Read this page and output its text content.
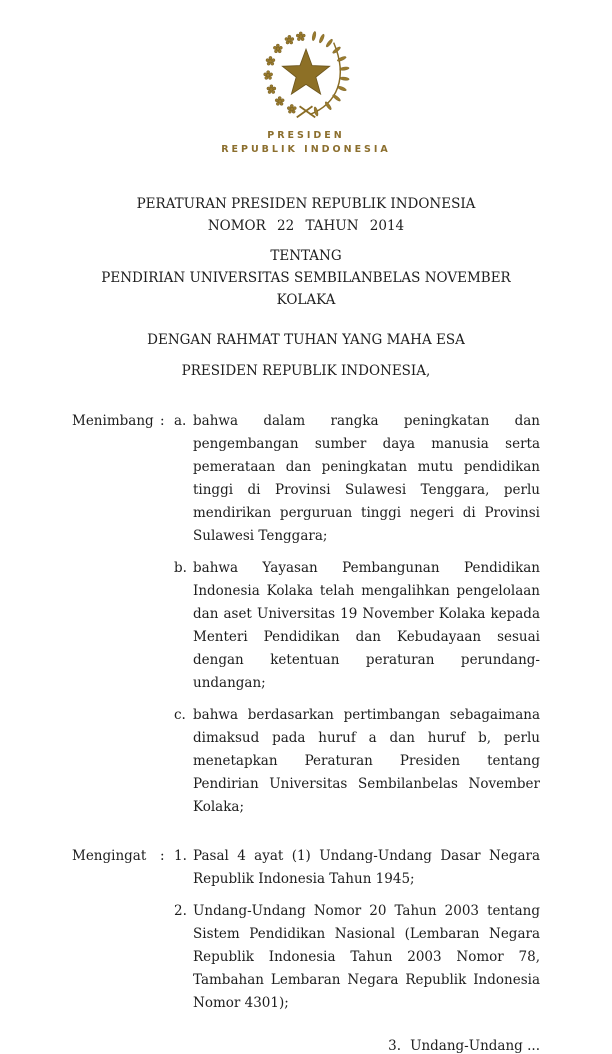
PRESIDEN
REPUBLIK INDONESIA
PERATURAN PRESIDEN REPUBLIK INDONESIA
NOMOR 22 TAHUN 2014
TENTANG
PENDIRIAN UNIVERSITAS SEMBILANBELAS NOVEMBER KOLAKA
DENGAN RAHMAT TUHAN YANG MAHA ESA
PRESIDEN REPUBLIK INDONESIA,
Menimbang : a. bahwa dalam rangka peningkatan dan pengembangan sumber daya manusia serta pemerataan dan peningkatan mutu pendidikan tinggi di Provinsi Sulawesi Tenggara, perlu mendirikan perguruan tinggi negeri di Provinsi Sulawesi Tenggara;
b. bahwa Yayasan Pembangunan Pendidikan Indonesia Kolaka telah mengalihkan pengelolaan dan aset Universitas 19 November Kolaka kepada Menteri Pendidikan dan Kebudayaan sesuai dengan ketentuan peraturan perundang-undangan;
c. bahwa berdasarkan pertimbangan sebagaimana dimaksud pada huruf a dan huruf b, perlu menetapkan Peraturan Presiden tentang Pendirian Universitas Sembilanbelas November Kolaka;
Mengingat	: 1. Pasal 4 ayat (1) Undang-Undang Dasar Negara Republik Indonesia Tahun 1945;
2. Undang-Undang Nomor 20 Tahun 2003 tentang Sistem Pendidikan Nasional (Lembaran Negara Republik Indonesia Tahun 2003 Nomor 78, Tambahan Lembaran Negara Republik Indonesia Nomor 4301);
3. Undang-Undang ...
